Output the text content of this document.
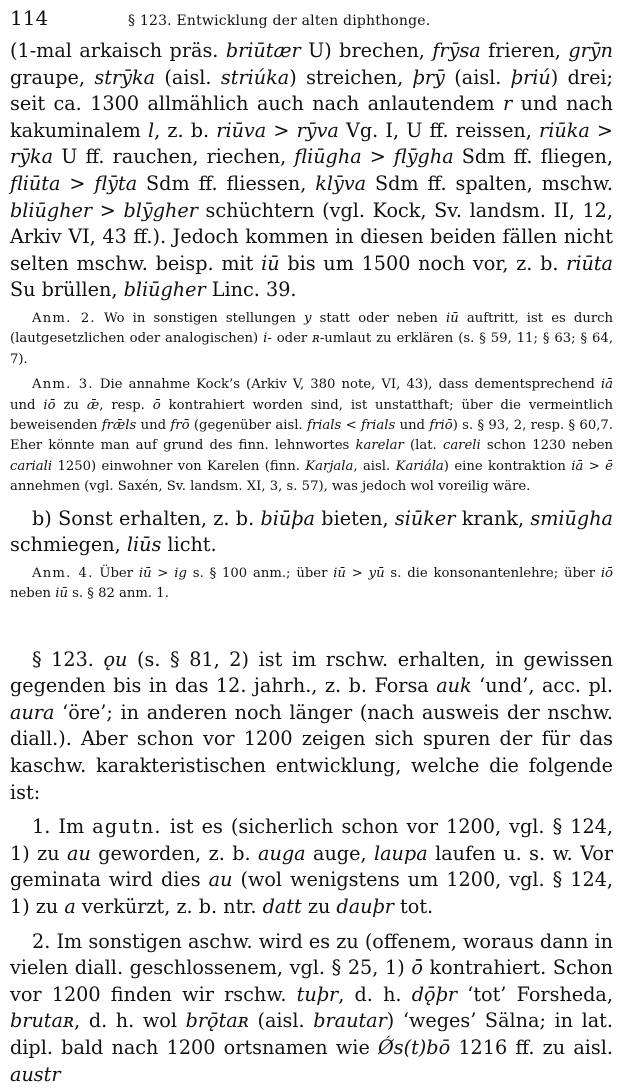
114	§ 123. Entwicklung der alten diphthonge.

(1-mal arkaisch präs. briūtær U) brechen, frȳsa frieren, grȳn graupe, strȳka (aisl. striúka) streichen, þrȳ (aisl. þriú) drei; seit ca. 1300 allmählich auch nach anlautendem r und nach kakuminalem l, z. b. riūva > rȳva Vg. I, U ff. reissen, riūka > rȳka U ff. rauchen, riechen, fliūgha > flȳgha Sdm ff. fliegen, fliūta > flȳta Sdm ff. fliessen, klȳva Sdm ff. spalten, mschw. bliūgher > blȳgher schüchtern (vgl. Kock, Sv. landsm. II, 12, Arkiv VI, 43 ff.). Jedoch kommen in diesen beiden fällen nicht selten mschw. beisp. mit iū bis um 1500 noch vor, z. b. riūta Su brüllen, bliūgher Linc. 39.

Anm. 2. Wo in sonstigen stellungen y statt oder neben iū auftritt, ist es durch (lautgesetzlichen oder analogischen) i- oder ʀ-umlaut zu erklären (s. § 59, 11; § 63; § 64, 7).

Anm. 3. Die annahme Kock’s (Arkiv V, 380 note, VI, 43), dass dementsprechend iā und iō zu ǣ, resp. ō̄ kontrahiert worden sind, ist unstatthaft; über die vermeintlich beweisenden frǣls und frō̄ (gegenüber aisl. frials < frials und friō) s. § 93, 2, resp. § 60,7. Eher könnte man auf grund des finn. lehnwortes karelar (lat. careli schon 1230 neben cariali 1250) einwohner von Karelen (finn. Karjala, aisl. Kariála) eine kontraktion iā > ē annehmen (vgl. Saxén, Sv. landsm. XI, 3, s. 57), was jedoch wol voreilig wäre.

b) Sonst erhalten, z. b. biūþa bieten, siūker krank, smiūgha schmiegen, liūs licht.

Anm. 4. Über iū > ig s. § 100 anm.; über iū > yū s. die konsonantenlehre; über iō neben iū s. § 82 anm. 1.

§ 123. ǫu (s. § 81, 2) ist im rschw. erhalten, in gewissen gegenden bis in das 12. jahrh., z. b. Forsa auk ‘und’, acc. pl. aura ‘öre’; in anderen noch länger (nach ausweis der nschw. diall.). Aber schon vor 1200 zeigen sich spuren der für das kaschw. karakteristischen entwicklung, welche die folgende ist:

1. Im agutn. ist es (sicherlich schon vor 1200, vgl. § 124, 1) zu au geworden, z. b. auga auge, laupa laufen u. s. w. Vor geminata wird dies au (wol wenigstens um 1200, vgl. § 124, 1) zu a verkürzt, z. b. ntr. datt zu dauþr tot.

2. Im sonstigen aschw. wird es zu (offenem, woraus dann in vielen diall. geschlossenem, vgl. § 25, 1) ō̄ kontrahiert. Schon vor 1200 finden wir rschw. tuþr, d. h. dǭþr ‘tot’ Forsheda, brutaʀ, d. h. wol brǭtaʀ (aisl. brautar) ‘weges’ Sälna; in lat. dipl. bald nach 1200 ortsnamen wie Ǿs(t)bō 1216 ff. zu aisl. austr
